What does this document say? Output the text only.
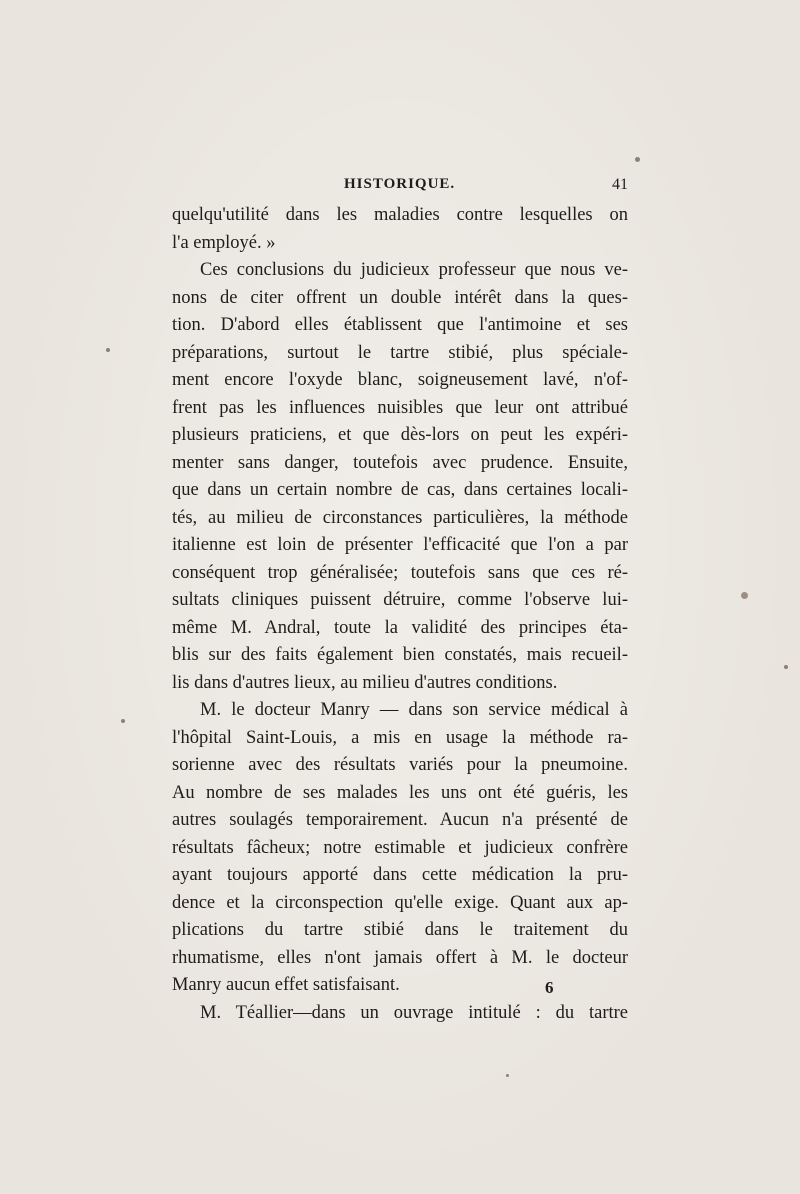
HISTORIQUE.	41
quelqu'utilité dans les maladies contre lesquelles on
l'a employé. »
Ces conclusions du judicieux professeur que nous ve-
nons de citer offrent un double intérêt dans la ques-
tion. D'abord elles établissent que l'antimoine et ses
préparations, surtout le tartre stibié, plus spéciale-
ment encore l'oxyde blanc, soigneusement lavé, n'of-
frent pas les influences nuisibles que leur ont attribué
plusieurs praticiens, et que dès-lors on peut les expéri-
menter sans danger, toutefois avec prudence. Ensuite,
que dans un certain nombre de cas, dans certaines locali-
tés, au milieu de circonstances particulières, la méthode
italienne est loin de présenter l'efficacité que l'on a par
conséquent trop généralisée; toutefois sans que ces ré-
sultats cliniques puissent détruire, comme l'observe lui-
même M. Andral, toute la validité des principes éta-
blis sur des faits également bien constatés, mais recueil-
lis dans d'autres lieux, au milieu d'autres conditions.
M. le docteur Manry — dans son service médical à
l'hôpital Saint-Louis, a mis en usage la méthode ra-
sorienne avec des résultats variés pour la pneumoine.
Au nombre de ses malades les uns ont été guéris, les
autres soulagés temporairement. Aucun n'a présenté de
résultats fâcheux; notre estimable et judicieux confrère
ayant toujours apporté dans cette médication la pru-
dence et la circonspection qu'elle exige. Quant aux ap-
plications du tartre stibié dans le traitement du
rhumatisme, elles n'ont jamais offert à M. le docteur
Manry aucun effet satisfaisant.
M. Téallier—dans un ouvrage intitulé : du tartre
6
